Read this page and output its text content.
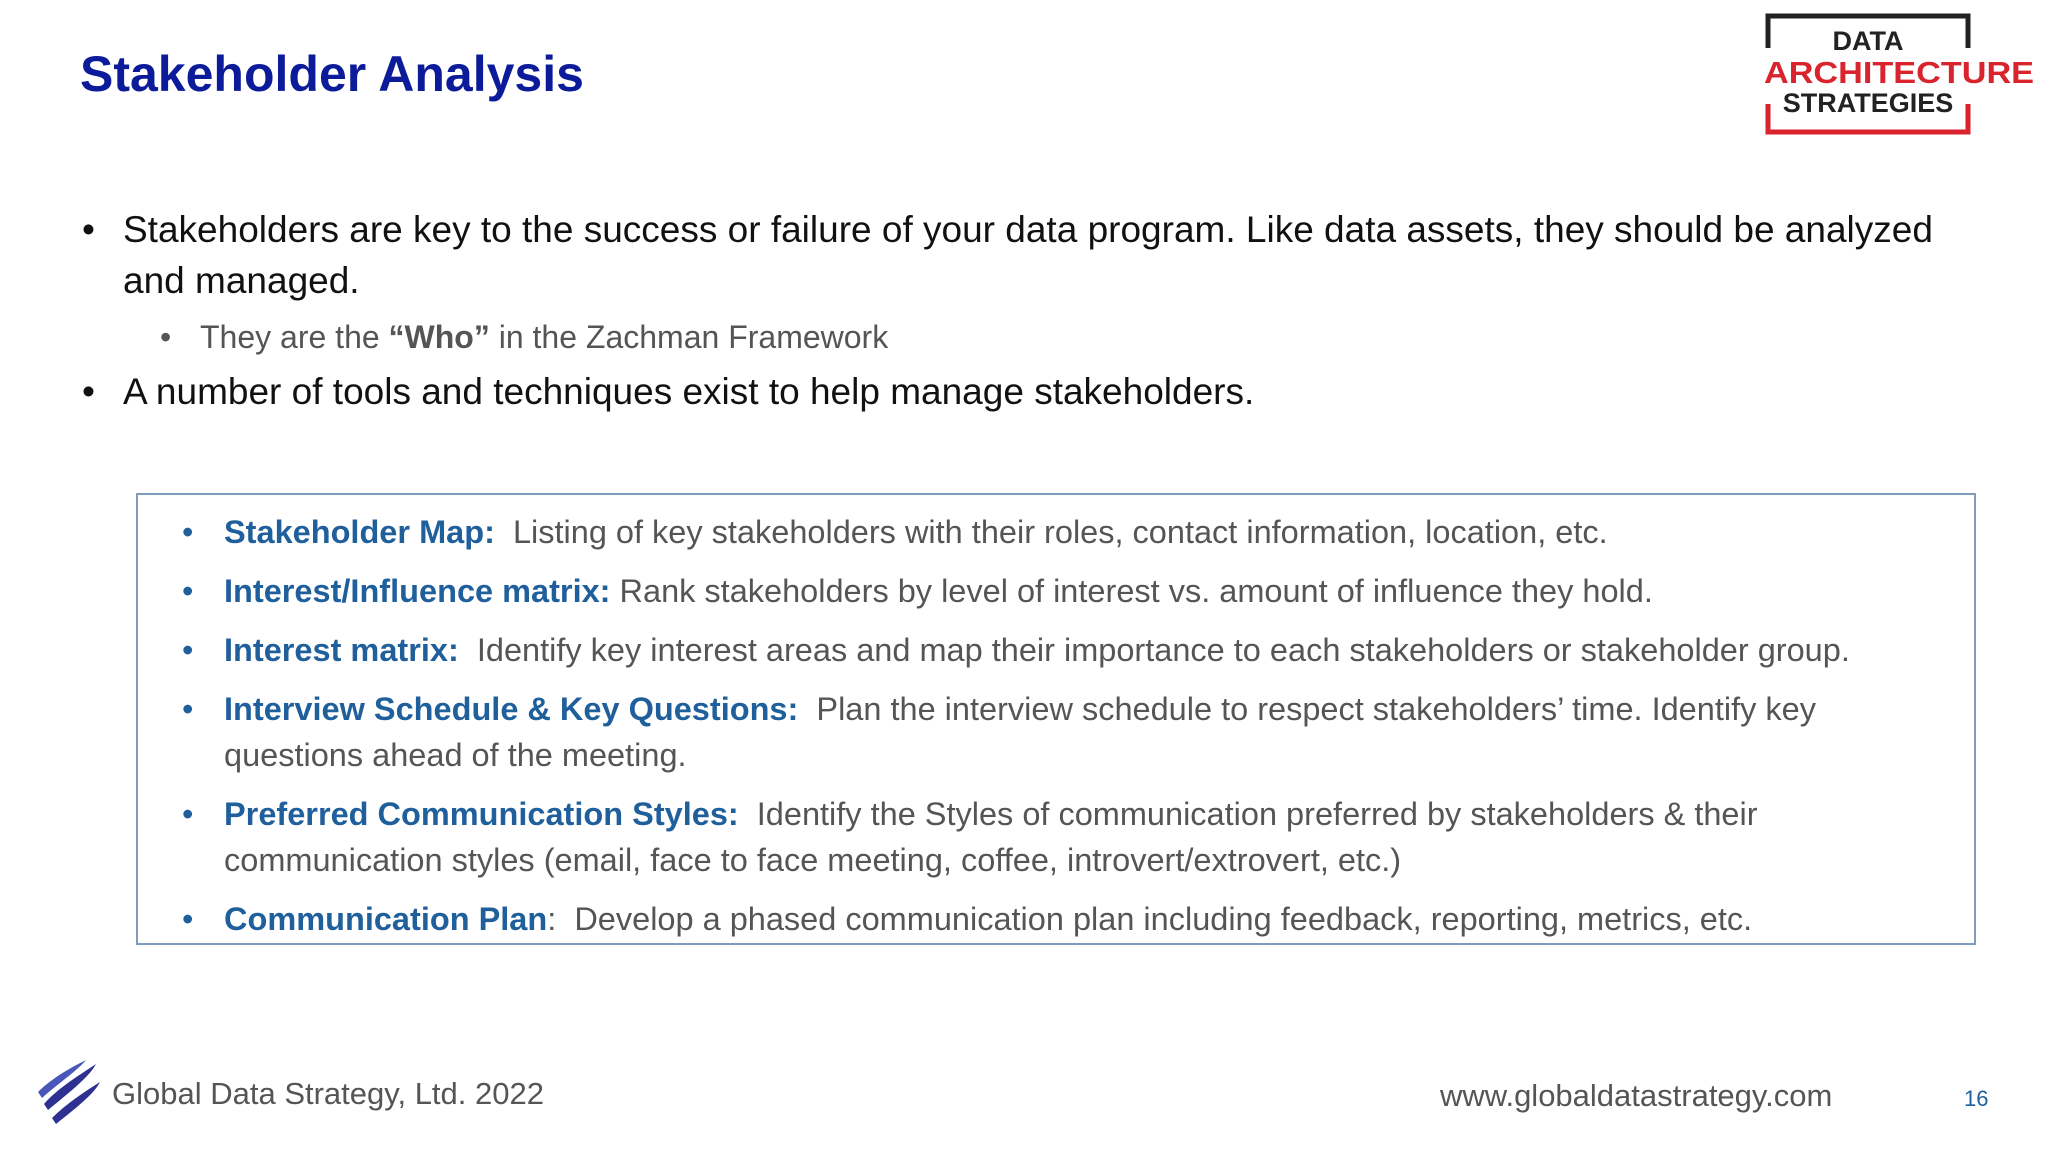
Stakeholder Analysis
DATA
ARCHITECTURE
STRATEGIES
• Stakeholders are key to the success or failure of your data program. Like data assets, they should be analyzed and managed.
• They are the “Who” in the Zachman Framework
• A number of tools and techniques exist to help manage stakeholders.
• Stakeholder Map:  Listing of key stakeholders with their roles, contact information, location, etc.
• Interest/Influence matrix: Rank stakeholders by level of interest vs. amount of influence they hold.
• Interest matrix:  Identify key interest areas and map their importance to each stakeholders or stakeholder group.
• Interview Schedule & Key Questions:  Plan the interview schedule to respect stakeholders’ time. Identify key questions ahead of the meeting.
• Preferred Communication Styles:  Identify the Styles of communication preferred by stakeholders & their communication styles (email, face to face meeting, coffee, introvert/extrovert, etc.)
• Communication Plan:  Develop a phased communication plan including feedback, reporting, metrics, etc.
Global Data Strategy, Ltd. 2022	www.globaldatastrategy.com	16
